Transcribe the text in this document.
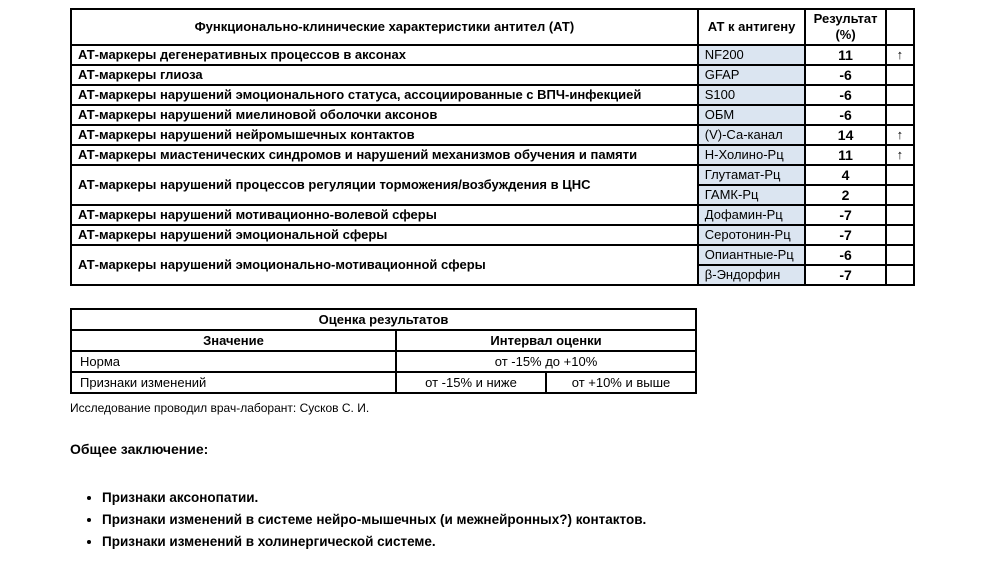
Функционально-клинические характеристики антител (АТ)	АТ к антигену	Результат (%)	
АТ-маркеры дегенеративных процессов в аксонах	NF200	11	↑
АТ-маркеры глиоза	GFAP	-6	
АТ-маркеры нарушений эмоционального статуса, ассоциированные с ВПЧ-инфекцией	S100	-6	
АТ-маркеры нарушений миелиновой оболочки аксонов	ОБМ	-6	
АТ-маркеры нарушений нейромышечных контактов	(V)-Са-канал	14	↑
АТ-маркеры миастенических синдромов и нарушений механизмов обучения и памяти	Н-Холино-Рц	11	↑
АТ-маркеры нарушений процессов регуляции торможения/возбуждения в ЦНС	Глутамат-Рц	4	
	ГАМК-Рц	2	
АТ-маркеры нарушений мотивационно-волевой сферы	Дофамин-Рц	-7	
АТ-маркеры нарушений эмоциональной сферы	Серотонин-Рц	-7	
АТ-маркеры нарушений эмоционально-мотивационной сферы	Опиантные-Рц	-6	
	β-Эндорфин	-7	
Оценка результатов		
Значение	Интервал оценки	
Норма	от -15% до +10%	
Признаки изменений	от -15% и ниже	от +10% и выше
Исследование проводил врач-лаборант: Сусков С. И.
Общее заключение:
• Признаки аксонопатии.
• Признаки изменений в системе нейро-мышечных (и межнейронных?) контактов.
• Признаки изменений в холинергической системе.
